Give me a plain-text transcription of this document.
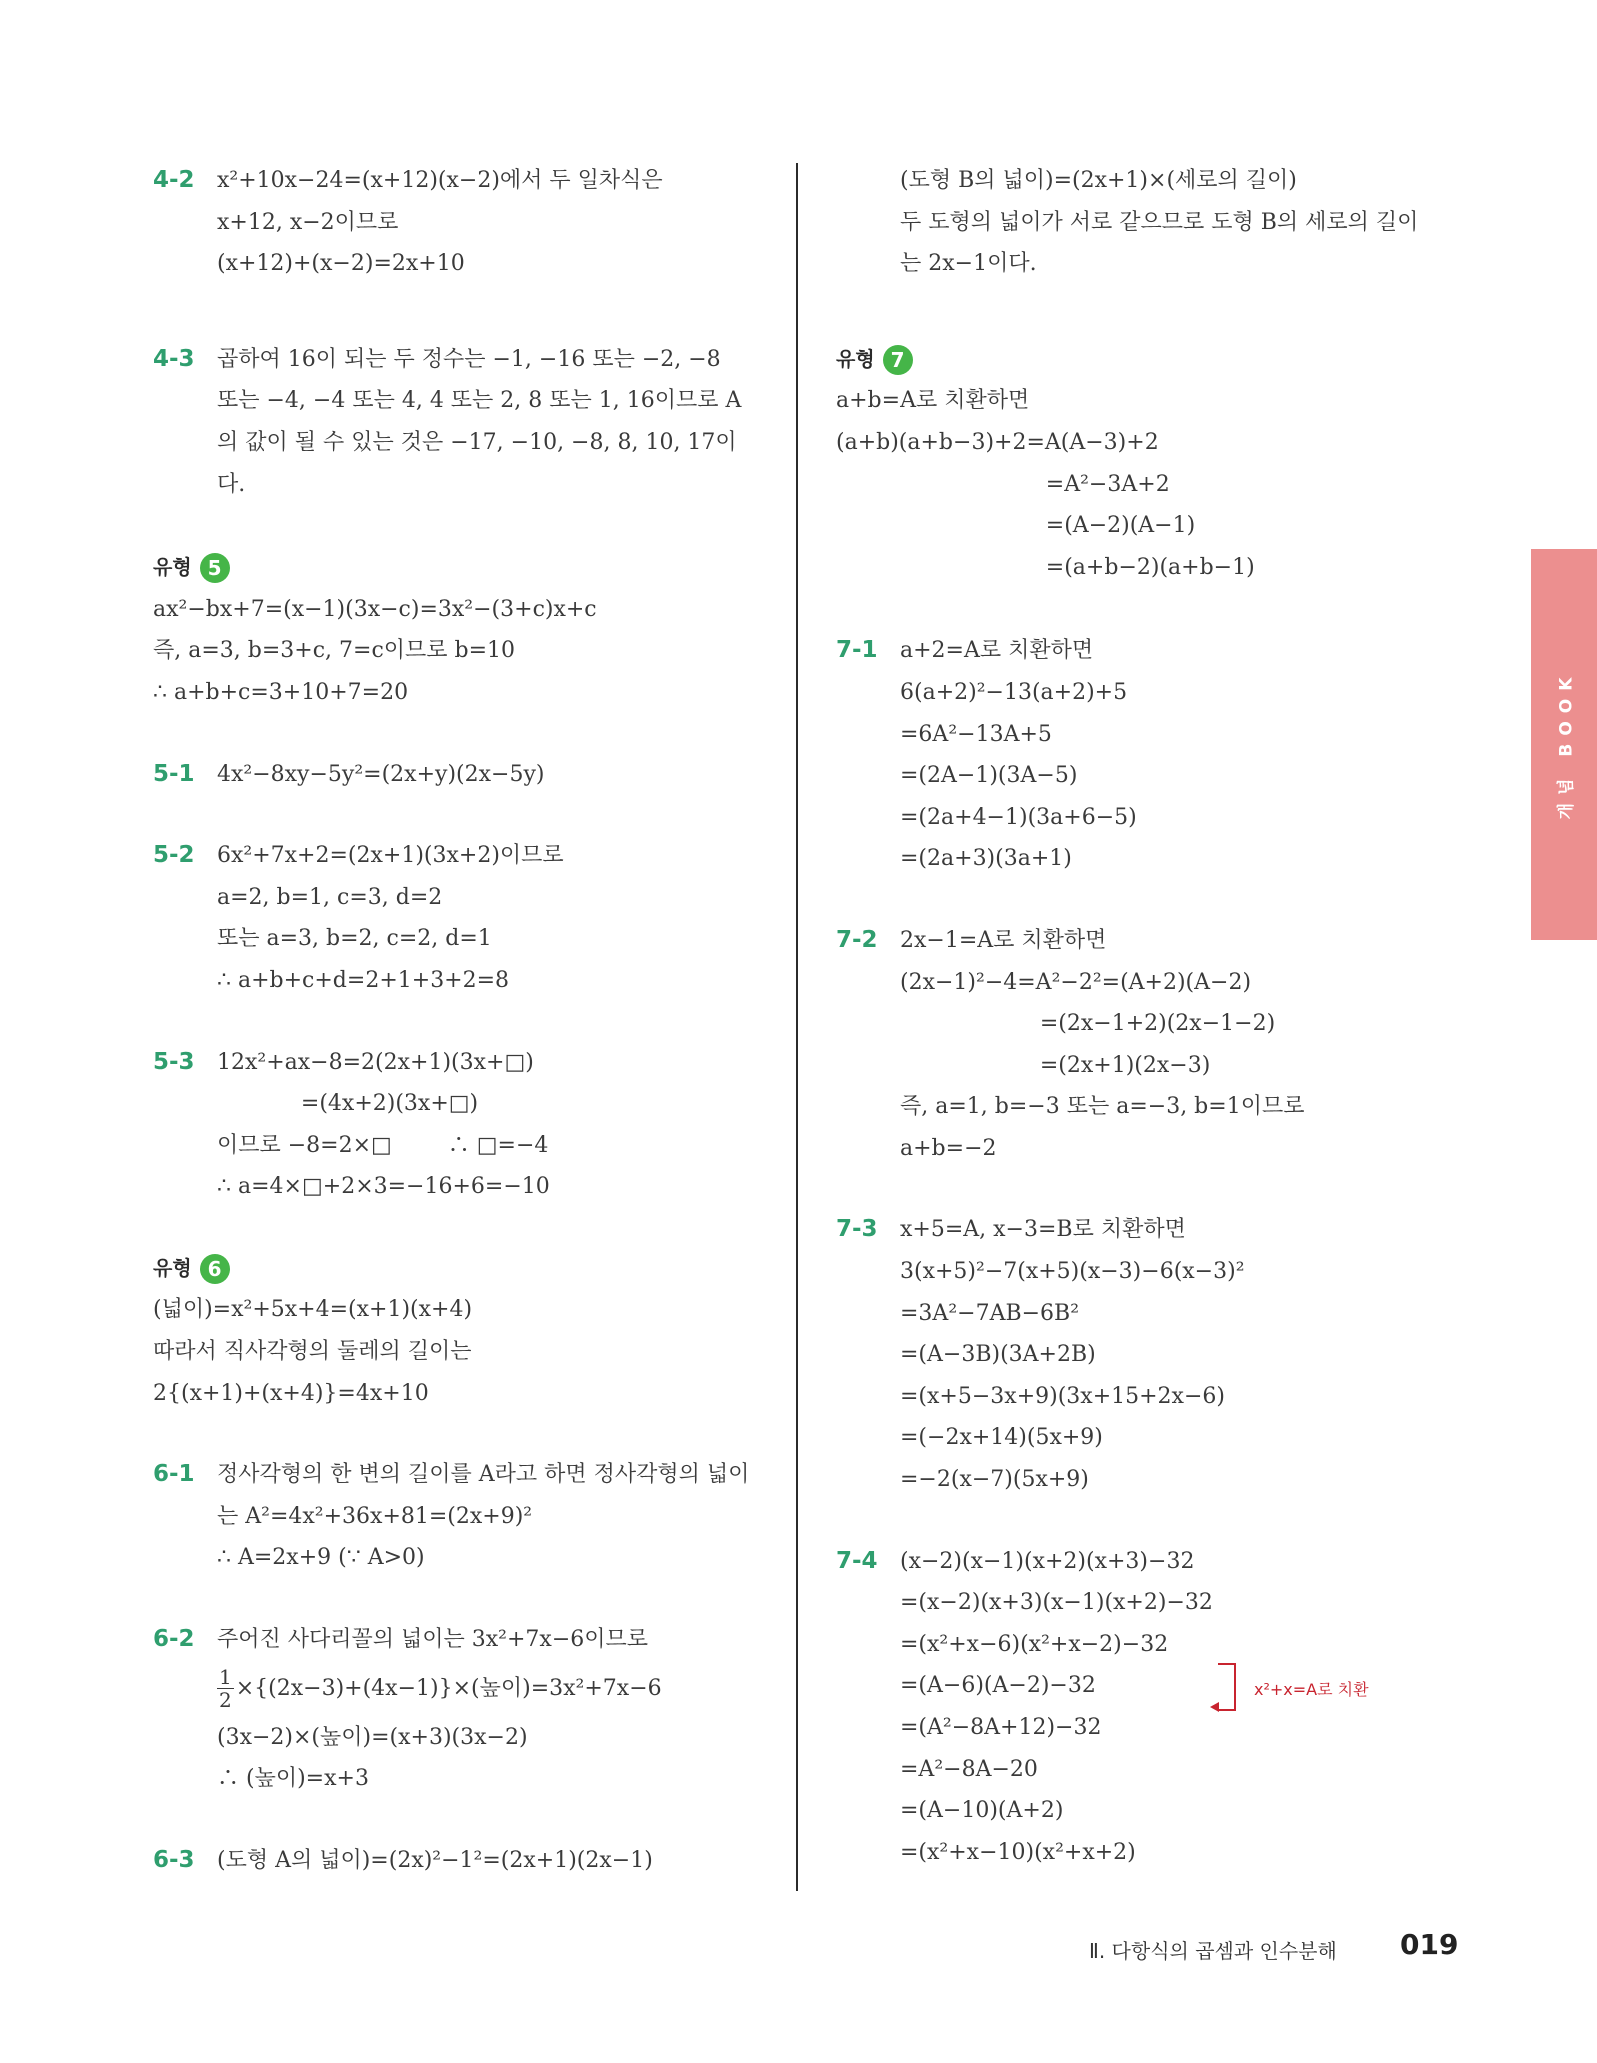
4-2 x²+10x−24=(x+12)(x−2)에서 두 일차식은
x+12, x−2이므로
(x+12)+(x−2)=2x+10
4-3 곱하여 16이 되는 두 정수는 −1, −16 또는 −2, −8
또는 −4, −4 또는 4, 4 또는 2, 8 또는 1, 16이므로 A
의 값이 될 수 있는 것은 −17, −10, −8, 8, 10, 17이
다.
유형 5
ax²−bx+7=(x−1)(3x−c)=3x²−(3+c)x+c
즉, a=3, b=3+c, 7=c이므로 b=10
∴ a+b+c=3+10+7=20
5-1 4x²−8xy−5y²=(2x+y)(2x−5y)
5-2 6x²+7x+2=(2x+1)(3x+2)이므로
a=2, b=1, c=3, d=2
또는 a=3, b=2, c=2, d=1
∴ a+b+c+d=2+1+3+2=8
5-3 12x²+ax−8=2(2x+1)(3x+□)
=(4x+2)(3x+□)
이므로 −8=2×□        ∴ □=−4
∴ a=4×□+2×3=−16+6=−10
유형 6
(넓이)=x²+5x+4=(x+1)(x+4)
따라서 직사각형의 둘레의 길이는
2{(x+1)+(x+4)}=4x+10
6-1 정사각형의 한 변의 길이를 A라고 하면 정사각형의 넓이
는 A²=4x²+36x+81=(2x+9)²
∴ A=2x+9 (∵ A>0)
6-2 주어진 사다리꼴의 넓이는 3x²+7x−6이므로
$\frac{1}{2} \times\{(2x-3)+(4x-1)\}\times$(높이)=3x²+7x−6
(3x−2)×(높이)=(x+3)(3x−2)
∴ (높이)=x+3
6-3 (도형 A의 넓이)=(2x)²−1²=(2x+1)(2x−1)
(도형 B의 넓이)=(2x+1)×(세로의 길이)
두 도형의 넓이가 서로 같으므로 도형 B의 세로의 길이
는 2x−1이다.
유형 7
a+b=A로 치환하면
(a+b)(a+b−3)+2=A(A−3)+2
=A²−3A+2
=(A−2)(A−1)
=(a+b−2)(a+b−1)
7-1 a+2=A로 치환하면
6(a+2)²−13(a+2)+5
=6A²−13A+5
=(2A−1)(3A−5)
=(2a+4−1)(3a+6−5)
=(2a+3)(3a+1)
7-2 2x−1=A로 치환하면
(2x−1)²−4=A²−2²=(A+2)(A−2)
=(2x−1+2)(2x−1−2)
=(2x+1)(2x−3)
즉, a=1, b=−3 또는 a=−3, b=1이므로
a+b=−2
7-3 x+5=A, x−3=B로 치환하면
3(x+5)²−7(x+5)(x−3)−6(x−3)²
=3A²−7AB−6B²
=(A−3B)(3A+2B)
=(x+5−3x+9)(3x+15+2x−6)
=(−2x+14)(5x+9)
=−2(x−7)(5x+9)
7-4 (x−2)(x−1)(x+2)(x+3)−32
=(x−2)(x+3)(x−1)(x+2)−32
=(x²+x−6)(x²+x−2)−32
=(A−6)(A−2)−32
=(A²−8A+12)−32
=A²−8A−20
=(A−10)(A+2)
=(x²+x−10)(x²+x+2)
x²+x=A로 치환
개념 BOOK
Ⅱ. 다항식의 곱셈과 인수분해 019
